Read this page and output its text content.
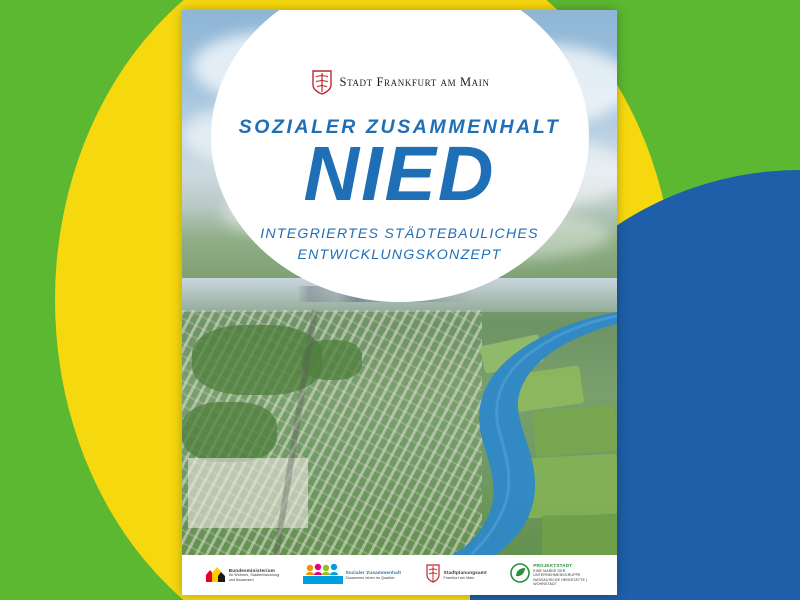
Stadt Frankfurt am Main
SOZIALER ZUSAMMENHALT
NIED
INTEGRIERTES STÄDTEBAULICHES
ENTWICKLUNGSKONZEPT
Bundesministerium
für Wohnen, Stadtentwicklung
und Bauwesen
Sozialer Zusammenhalt
Zusammen leben im Quartier
Stadtplanungsamt
Frankfurt am Main
PROJEKTSTADT
EINE MARKE DER UNTERNEHMENSGRUPPE
NASSAUISCHE HEIMSTÄTTE | WOHNSTADT
